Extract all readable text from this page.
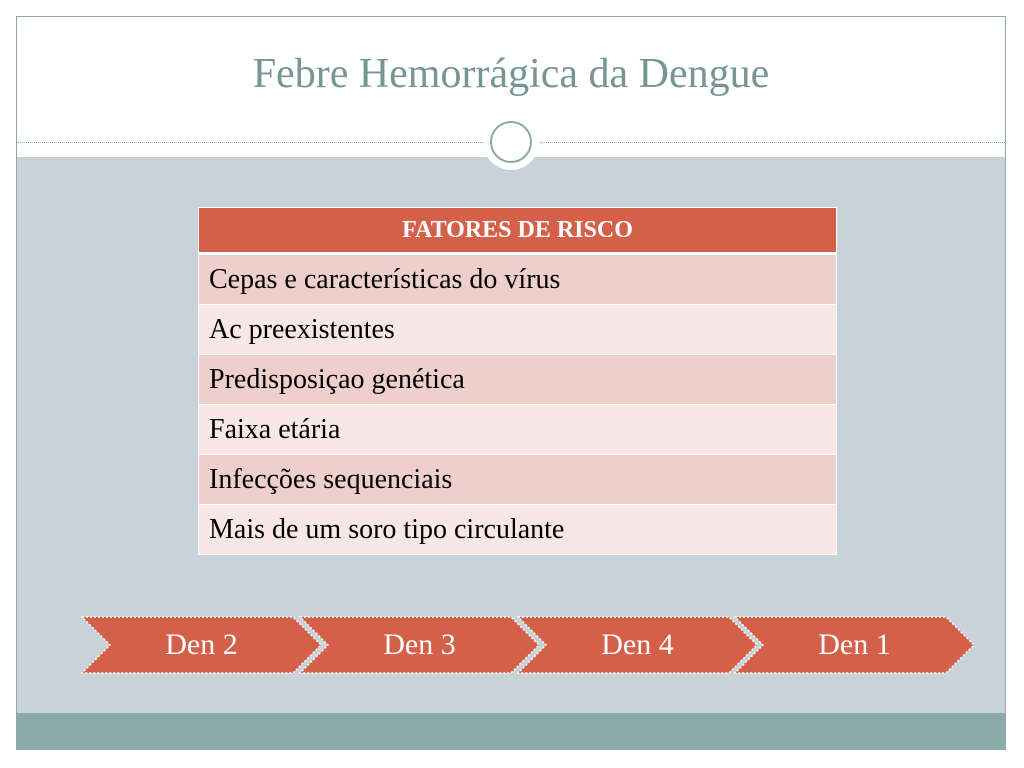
Febre Hemorrágica da Dengue
FATORES DE RISCO
Cepas e características do vírus
Ac preexistentes
Predisposiçao genética
Faixa etária
Infecções sequenciais
Mais de um soro tipo circulante
Den 2	Den 3	Den 4	Den 1
